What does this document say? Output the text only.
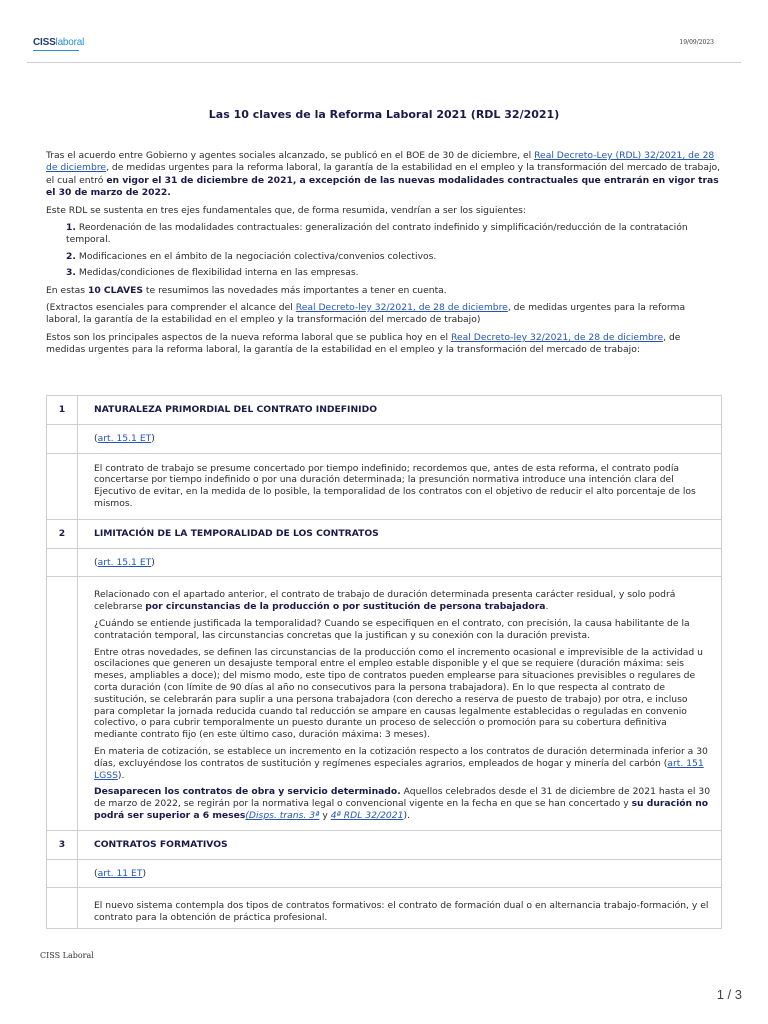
CISSlaboral	19/09/2023
Las 10 claves de la Reforma Laboral 2021 (RDL 32/2021)

Tras el acuerdo entre Gobierno y agentes sociales alcanzado, se publicó en el BOE de 30 de diciembre, el Real Decreto-Ley (RDL) 32/2021, de 28 de diciembre, de medidas urgentes para la reforma laboral, la garantía de la estabilidad en el empleo y la transformación del mercado de trabajo, el cual entró en vigor el 31 de diciembre de 2021, a excepción de las nuevas modalidades contractuales que entrarán en vigor tras el 30 de marzo de 2022.

Este RDL se sustenta en tres ejes fundamentales que, de forma resumida, vendrían a ser los siguientes:

1. Reordenación de las modalidades contractuales: generalización del contrato indefinido y simplificación/reducción de la contratación temporal.
2. Modificaciones en el ámbito de la negociación colectiva/convenios colectivos.
3. Medidas/condiciones de flexibilidad interna en las empresas.

En estas 10 CLAVES te resumimos las novedades más importantes a tener en cuenta.

(Extractos esenciales para comprender el alcance del Real Decreto-ley 32/2021, de 28 de diciembre, de medidas urgentes para la reforma laboral, la garantía de la estabilidad en el empleo y la transformación del mercado de trabajo)

Estos son los principales aspectos de la nueva reforma laboral que se publica hoy en el Real Decreto-ley 32/2021, de 28 de diciembre, de medidas urgentes para la reforma laboral, la garantía de la estabilidad en el empleo y la transformación del mercado de trabajo:

1	NATURALEZA PRIMORDIAL DEL CONTRATO INDEFINIDO
	(art. 15.1 ET)
	El contrato de trabajo se presume concertado por tiempo indefinido; recordemos que, antes de esta reforma, el contrato podía concertarse por tiempo indefinido o por una duración determinada; la presunción normativa introduce una intención clara del Ejecutivo de evitar, en la medida de lo posible, la temporalidad de los contratos con el objetivo de reducir el alto porcentaje de los mismos.
2	LIMITACIÓN DE LA TEMPORALIDAD DE LOS CONTRATOS
	(art. 15.1 ET)

	Relacionado con el apartado anterior, el contrato de trabajo de duración determinada presenta carácter residual, y solo podrá celebrarse por circunstancias de la producción o por sustitución de persona trabajadora.

¿Cuándo se entiende justificada la temporalidad? Cuando se especifiquen en el contrato, con precisión, la causa habilitante de la contratación temporal, las circunstancias concretas que la justifican y su conexión con la duración prevista.

Entre otras novedades, se definen las circunstancias de la producción como el incremento ocasional e imprevisible de la actividad u oscilaciones que generen un desajuste temporal entre el empleo estable disponible y el que se requiere (duración máxima: seis meses, ampliables a doce); del mismo modo, este tipo de contratos pueden emplearse para situaciones previsibles o regulares de corta duración (con límite de 90 días al año no consecutivos para la persona trabajadora). En lo que respecta al contrato de sustitución, se celebrarán para suplir a una persona trabajadora (con derecho a reserva de puesto de trabajo) por otra, e incluso para completar la jornada reducida cuando tal reducción se ampare en causas legalmente establecidas o reguladas en convenio colectivo, o para cubrir temporalmente un puesto durante un proceso de selección o promoción para su cobertura definitiva mediante contrato fijo (en este último caso, duración máxima: 3 meses).

En materia de cotización, se establece un incremento en la cotización respecto a los contratos de duración determinada inferior a 30 días, excluyéndose los contratos de sustitución y regímenes especiales agrarios, empleados de hogar y minería del carbón (art. 151 LGSS).

Desaparecen los contratos de obra y servicio determinado. Aquellos celebrados desde el 31 de diciembre de 2021 hasta el 30 de marzo de 2022, se regirán por la normativa legal o convencional vigente en la fecha en que se han concertado y su duración no podrá ser superior a 6 meses(Disps. trans. 3ª y 4ª RDL 32/2021).

3	CONTRATOS FORMATIVOS
	(art. 11 ET)
	El nuevo sistema contempla dos tipos de contratos formativos: el contrato de formación dual o en alternancia trabajo-formación, y el contrato para la obtención de práctica profesional.
CISS Laboral
1 / 3
